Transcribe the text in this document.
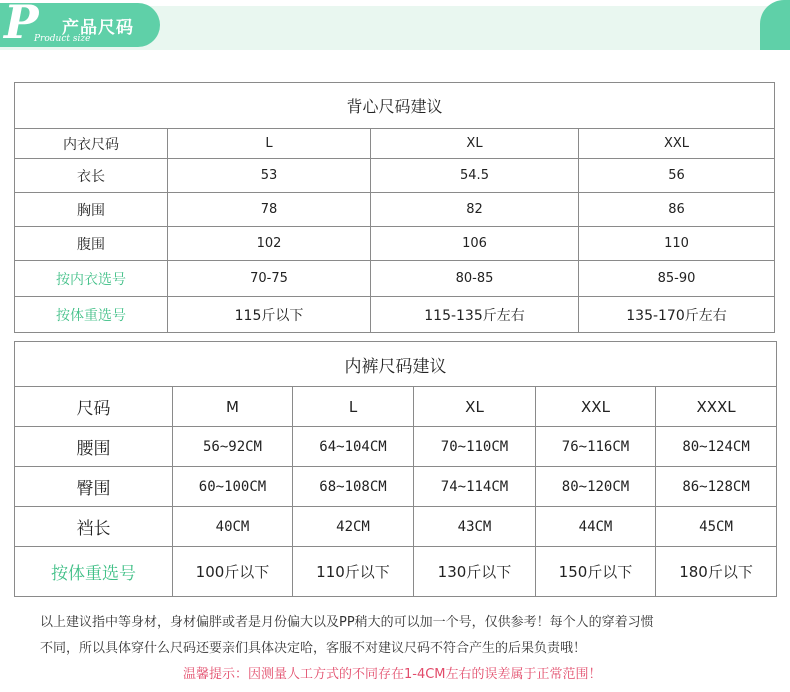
P 产品尺码
Product size
背心尺码建议			
内衣尺码	L	XL	XXL
衣长	53	54.5	56
胸围	78	82	86
腹围	102	106	110
按内衣选号	70-75	80-85	85-90
按体重选号	115斤以下	115-135斤左右	135-170斤左右
内裤尺码建议					
尺码	M	L	XL	XXL	XXXL
腰围	56~92CM	64~104CM	70~110CM	76~116CM	80~124CM
臀围	60~100CM	68~108CM	74~114CM	80~120CM	86~128CM
裆长	40CM	42CM	43CM	44CM	45CM
按体重选号	100斤以下	110斤以下	130斤以下	150斤以下	180斤以下
以上建议指中等身材，身材偏胖或者是月份偏大以及PP稍大的可以加一个号，仅供参考！每个人的穿着习惯
不同，所以具体穿什么尺码还要亲们具体决定哈，客服不对建议尺码不符合产生的后果负责哦！
温馨提示：因测量人工方式的不同存在1-4CM左右的误差属于正常范围！
